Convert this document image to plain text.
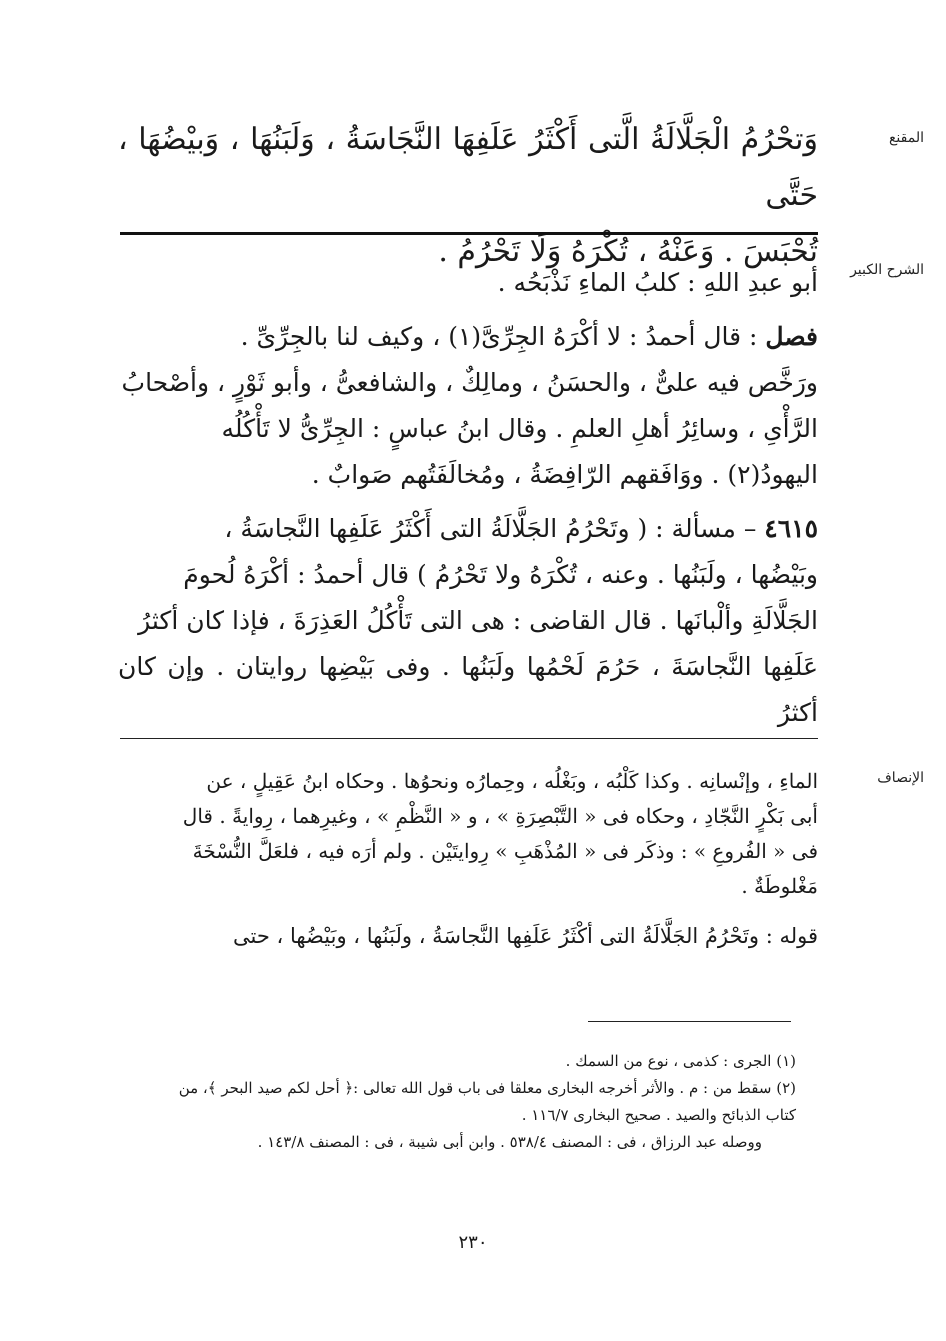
المقنع

وَتحْرُمُ الْجَلَّالَةُ الَّتى أَكْثَرُ عَلَفِهَا النَّجَاسَةُ ، وَلَبَنُهَا ، وَبيْضُهَا ، حَتَّى

تُحْبَسَ . وَعَنْهُ ، تُكْرَهُ وَلَا تَحْرُمُ .

الشرح الكبير

أبو عبدِ اللهِ : كلبُ الماءِ نَذْبَحُه .

فصل : قال أحمدُ : لا أكْرَهُ الجِرِّىَّ(١) ، وكيف لنا بالجِرِّىِّ .

ورَخَّص فيه علىٌّ ، والحسَنُ ، ومالِكٌ ، والشافعىُّ ، وأبو ثَوْرٍ ، وأصْحابُ

الرَّأْىِ ، وسائِرُ أهلِ العلمِ . وقال ابنُ عباسٍ : الجِرِّىُّ لا تَأْكُلُه

اليهودُ(٢) . ووَافَقهم الرّافِضَةُ ، ومُخالَفَتُهم صَوابٌ .

٤٦١٥ – مسألة : ( وتَحْرُمُ الجَلَّالَةُ التى أَكْثَرُ عَلَفِها النَّجاسَةُ ،

وبَيْضُها ، ولَبَنُها . وعنه ، تُكْرَهُ ولا تَحْرُمُ ) قال أحمدُ : أكْرَهُ لُحومَ

الجَلَّالَةِ وألْبانَها . قال القاضى : هى التى تَأْكُلُ العَذِرَةَ ، فإذا كان أكثرُ

عَلَفِها النَّجاسَةَ ، حَرُمَ لَحْمُها ولَبَنُها . وفى بَيْضِها روايتان . وإن كان أكثرُ

الإنصاف

الماءِ ، وإنْسانِه . وكذا كَلْبُه ، وبَغْلُه ، وحِمارُه ونحوُها . وحكاه ابنُ عَقِيلٍ ، عن

أبى بَكْرٍ النَّجّادِ ، وحكاه فى « التَّبْصِرَةِ » ، و « النَّظْمِ » ، وغيرِهما ، رِوايةً . قال

فى « الفُروعِ » : وذكَر فى « المُذْهَبِ » رِوايتَيْن . ولم أرَه فيه ، فلعَلَّ النُّسْخَةَ

مَغْلوطَةٌ .

قوله : وتَحْرُمُ الجَلَّالَةُ التى أكْثَرُ عَلَفِها النَّجاسَةُ ، ولَبَنُها ، وبَيْضُها ، حتى

(١) الجرى : كذمى ، نوع من السمك .

(٢) سقط من : م . والأثر أخرجه البخارى معلقا فى باب قول الله تعالى :﴿ أحل لكم صيد البحر ﴾، من

كتاب الذبائح والصيد . صحيح البخارى ١١٦/٧ .

ووصله عبد الرزاق ، فى : المصنف ٥٣٨/٤ . وابن أبى شيبة ، فى : المصنف ١٤٣/٨ .

٢٣٠
